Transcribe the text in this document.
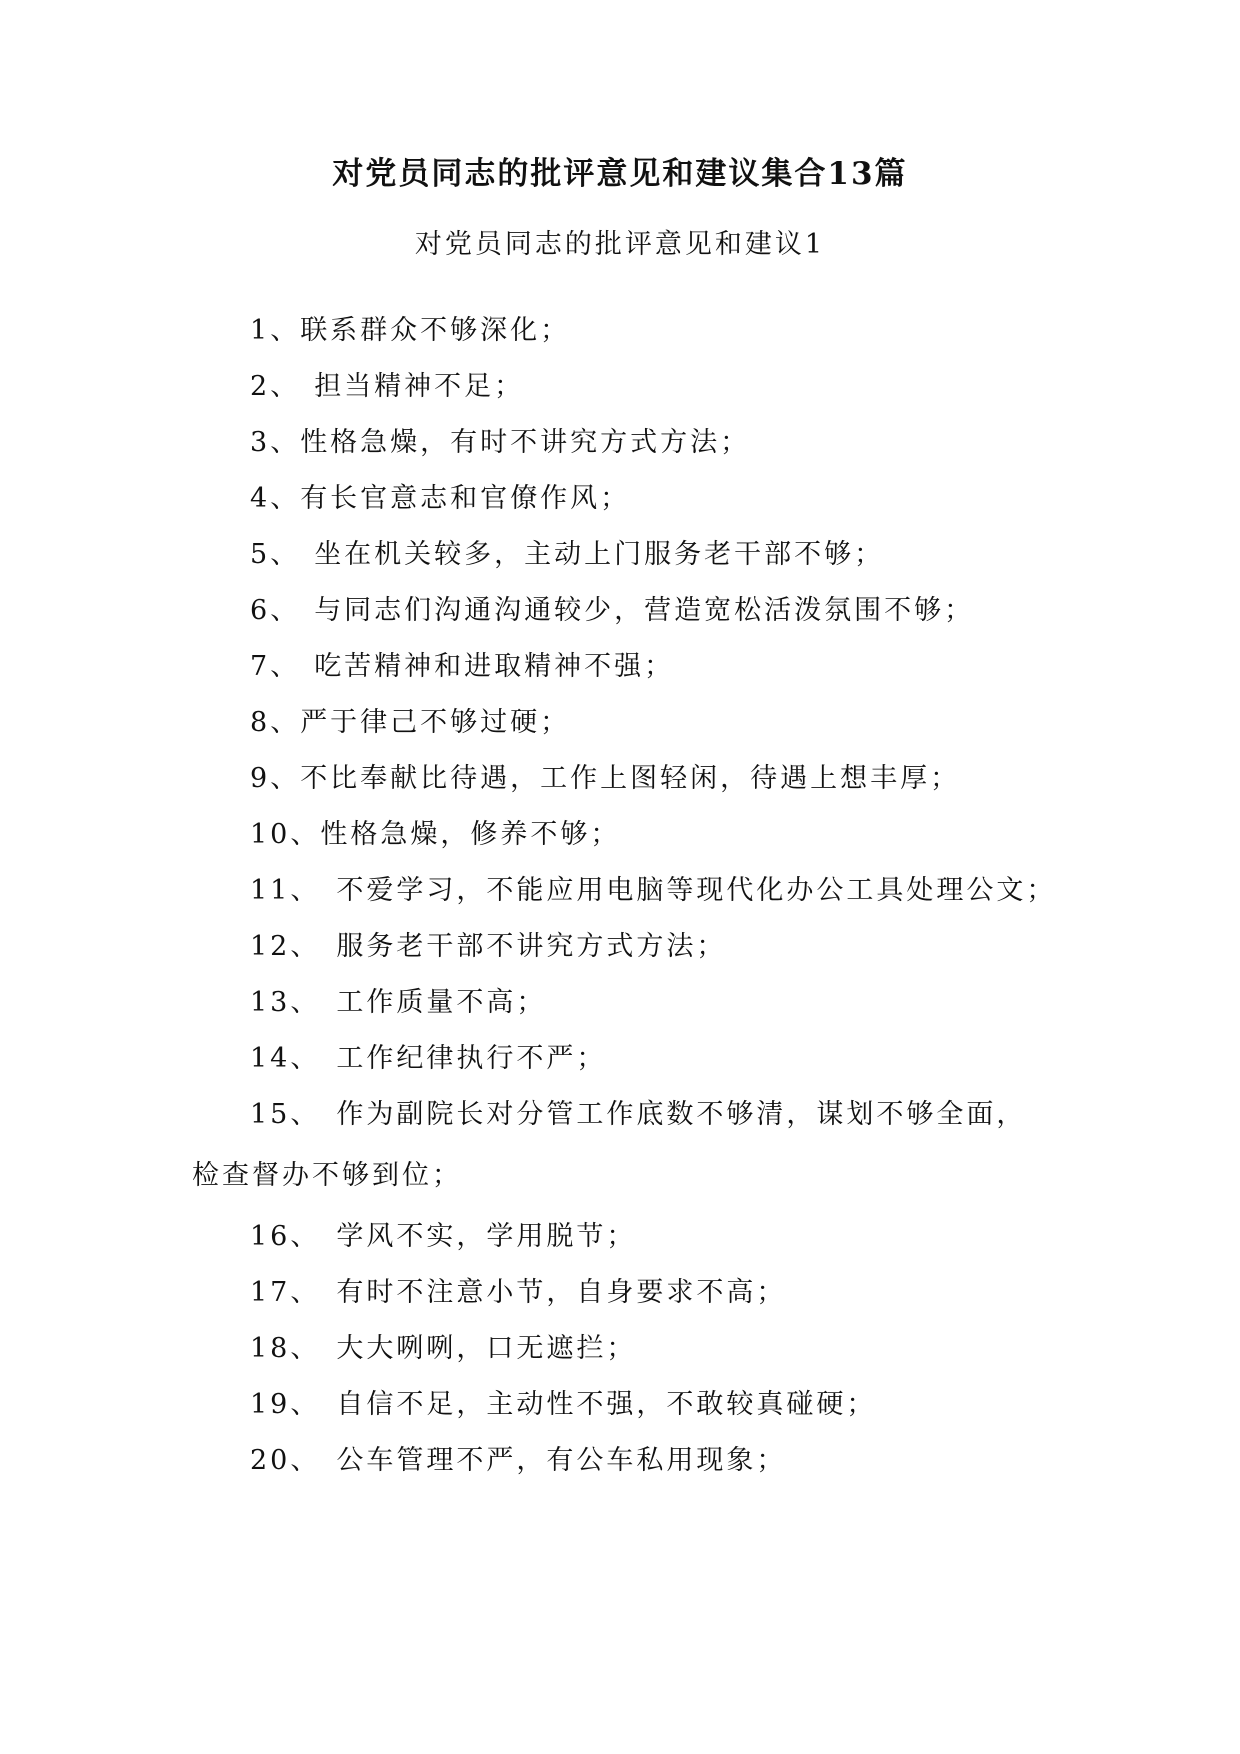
对党员同志的批评意见和建议集合13篇
对党员同志的批评意见和建议1
1、联系群众不够深化；
2、 担当精神不足；
3、性格急燥，有时不讲究方式方法；
4、有长官意志和官僚作风；
5、 坐在机关较多，主动上门服务老干部不够；
6、 与同志们沟通沟通较少，营造宽松活泼氛围不够；
7、 吃苦精神和进取精神不强；
8、严于律己不够过硬；
9、不比奉献比待遇，工作上图轻闲，待遇上想丰厚；
10、性格急燥，修养不够；
11、 不爱学习，不能应用电脑等现代化办公工具处理公文；
12、 服务老干部不讲究方式方法；
13、 工作质量不高；
14、 工作纪律执行不严；
15、 作为副院长对分管工作底数不够清，谋划不够全面，
检查督办不够到位；
16、 学风不实，学用脱节；
17、 有时不注意小节，自身要求不高；
18、 大大咧咧，口无遮拦；
19、 自信不足，主动性不强，不敢较真碰硬；
20、 公车管理不严，有公车私用现象；
